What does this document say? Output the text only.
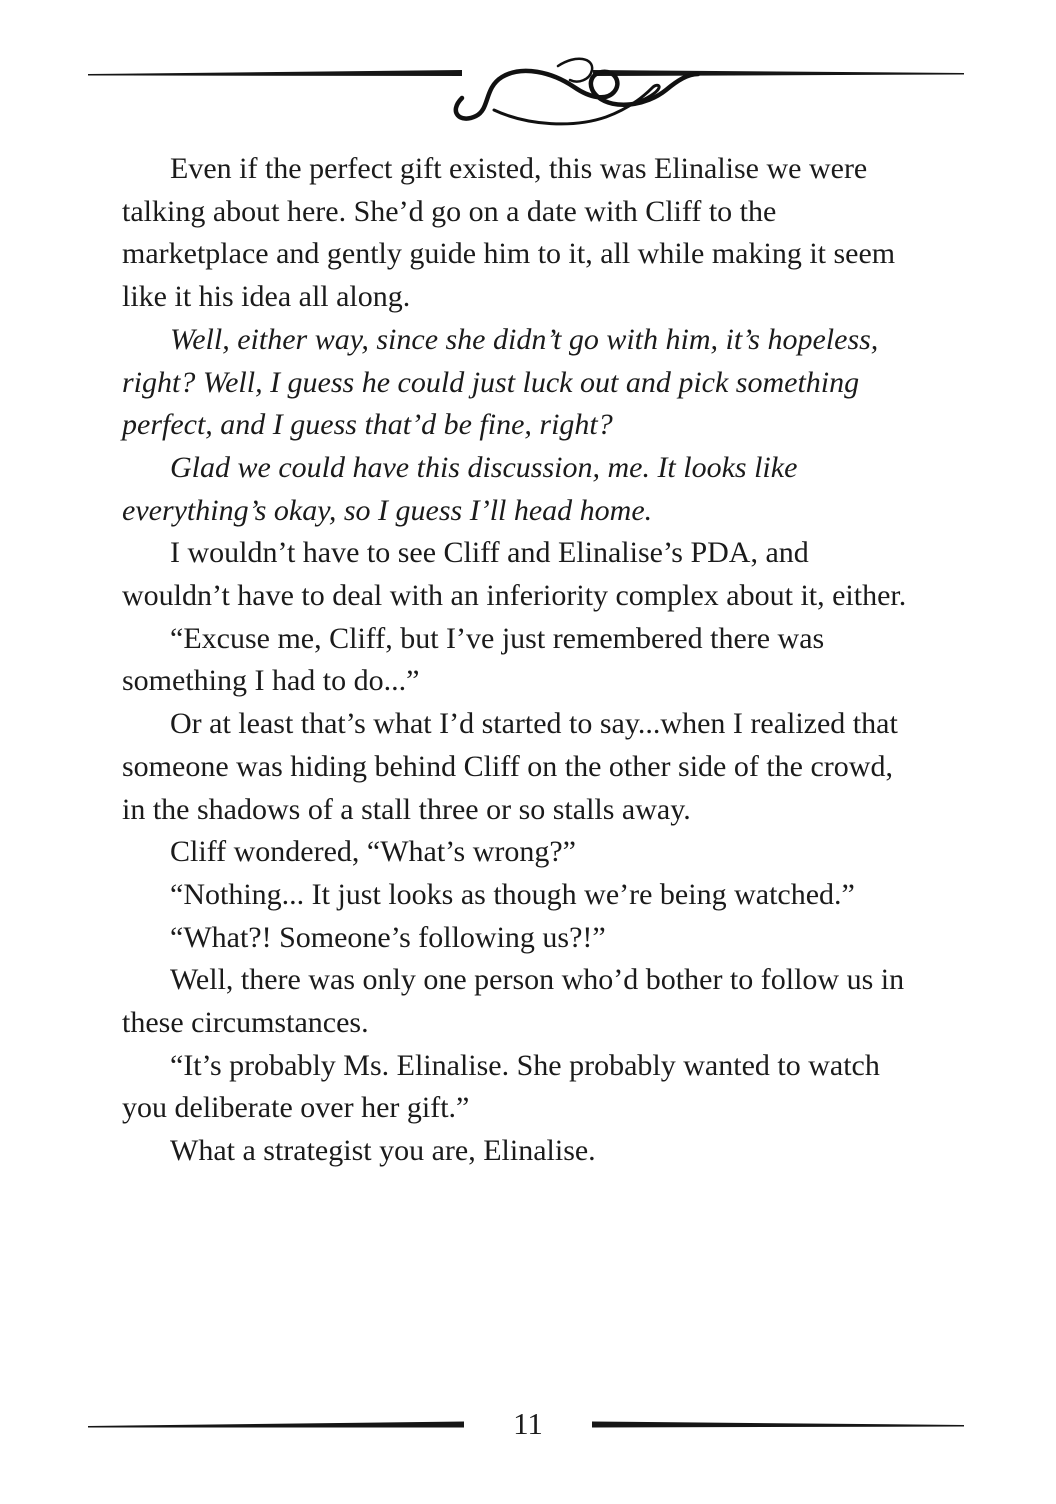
Even if the perfect gift existed, this was Elinalise we were talking about here. She’d go on a date with Cliff to the marketplace and gently guide him to it, all while making it seem like it his idea all along.

Well, either way, since she didn’t go with him, it’s hopeless, right? Well, I guess he could just luck out and pick something perfect, and I guess that’d be fine, right?

Glad we could have this discussion, me. It looks like everything’s okay, so I guess I’ll head home.

I wouldn’t have to see Cliff and Elinalise’s PDA, and wouldn’t have to deal with an inferiority complex about it, either.

“Excuse me, Cliff, but I’ve just remembered there was something I had to do...”

Or at least that’s what I’d started to say...when I realized that someone was hiding behind Cliff on the other side of the crowd, in the shadows of a stall three or so stalls away.

Cliff wondered, “What’s wrong?”

“Nothing... It just looks as though we’re being watched.”

“What?! Someone’s following us?!”

Well, there was only one person who’d bother to follow us in these circumstances.

“It’s probably Ms. Elinalise. She probably wanted to watch you deliberate over her gift.”

What a strategist you are, Elinalise.

11
